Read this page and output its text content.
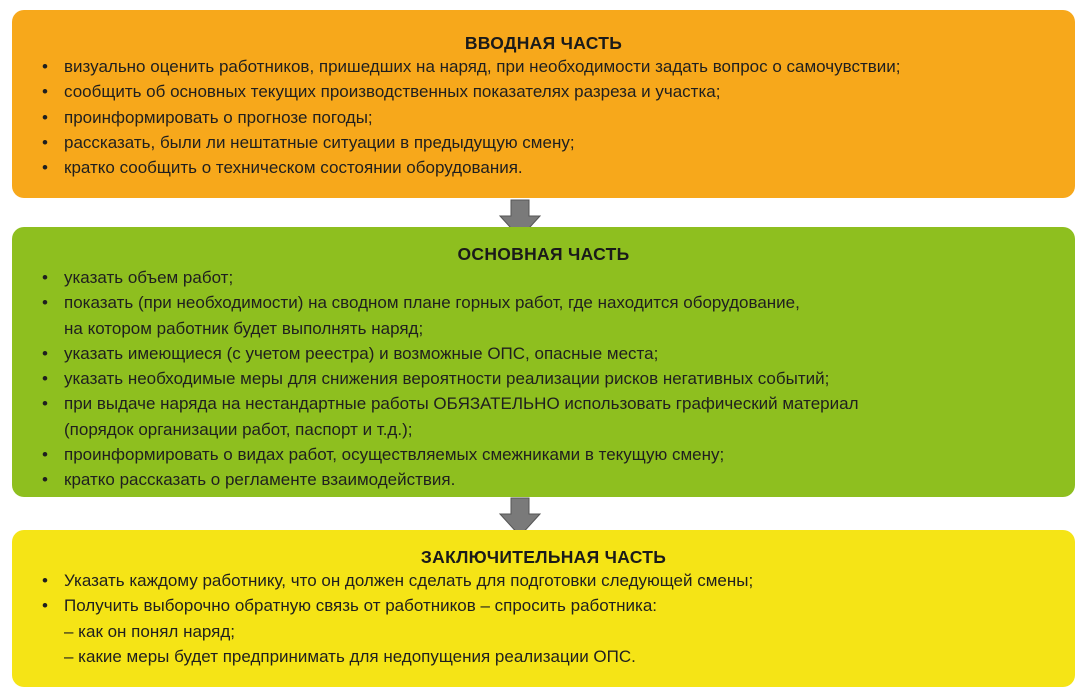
ВВОДНАЯ ЧАСТЬ
• визуально оценить работников, пришедших на наряд, при необходимости задать вопрос о самочувствии;
• сообщить об основных текущих производственных показателях разреза и участка;
• проинформировать о прогнозе погоды;
• рассказать, были ли нештатные ситуации в предыдущую смену;
• кратко сообщить о техническом состоянии оборудования.
ОСНОВНАЯ ЧАСТЬ
• указать объем работ;
• показать (при необходимости) на сводном плане горных работ, где находится оборудование,
на котором работник будет выполнять наряд;
• указать имеющиеся (с учетом реестра) и возможные ОПС, опасные места;
• указать необходимые меры для снижения вероятности реализации рисков негативных событий;
• при выдаче наряда на нестандартные работы ОБЯЗАТЕЛЬНО использовать графический материал
(порядок организации работ, паспорт и т.д.);
• проинформировать о видах работ, осуществляемых смежниками в текущую смену;
• кратко рассказать о регламенте взаимодействия.
ЗАКЛЮЧИТЕЛЬНАЯ ЧАСТЬ
• Указать каждому работнику, что он должен сделать для подготовки следующей смены;
• Получить выборочно обратную связь от работников – спросить работника:
– как он понял наряд;
– какие меры будет предпринимать для недопущения реализации ОПС.
